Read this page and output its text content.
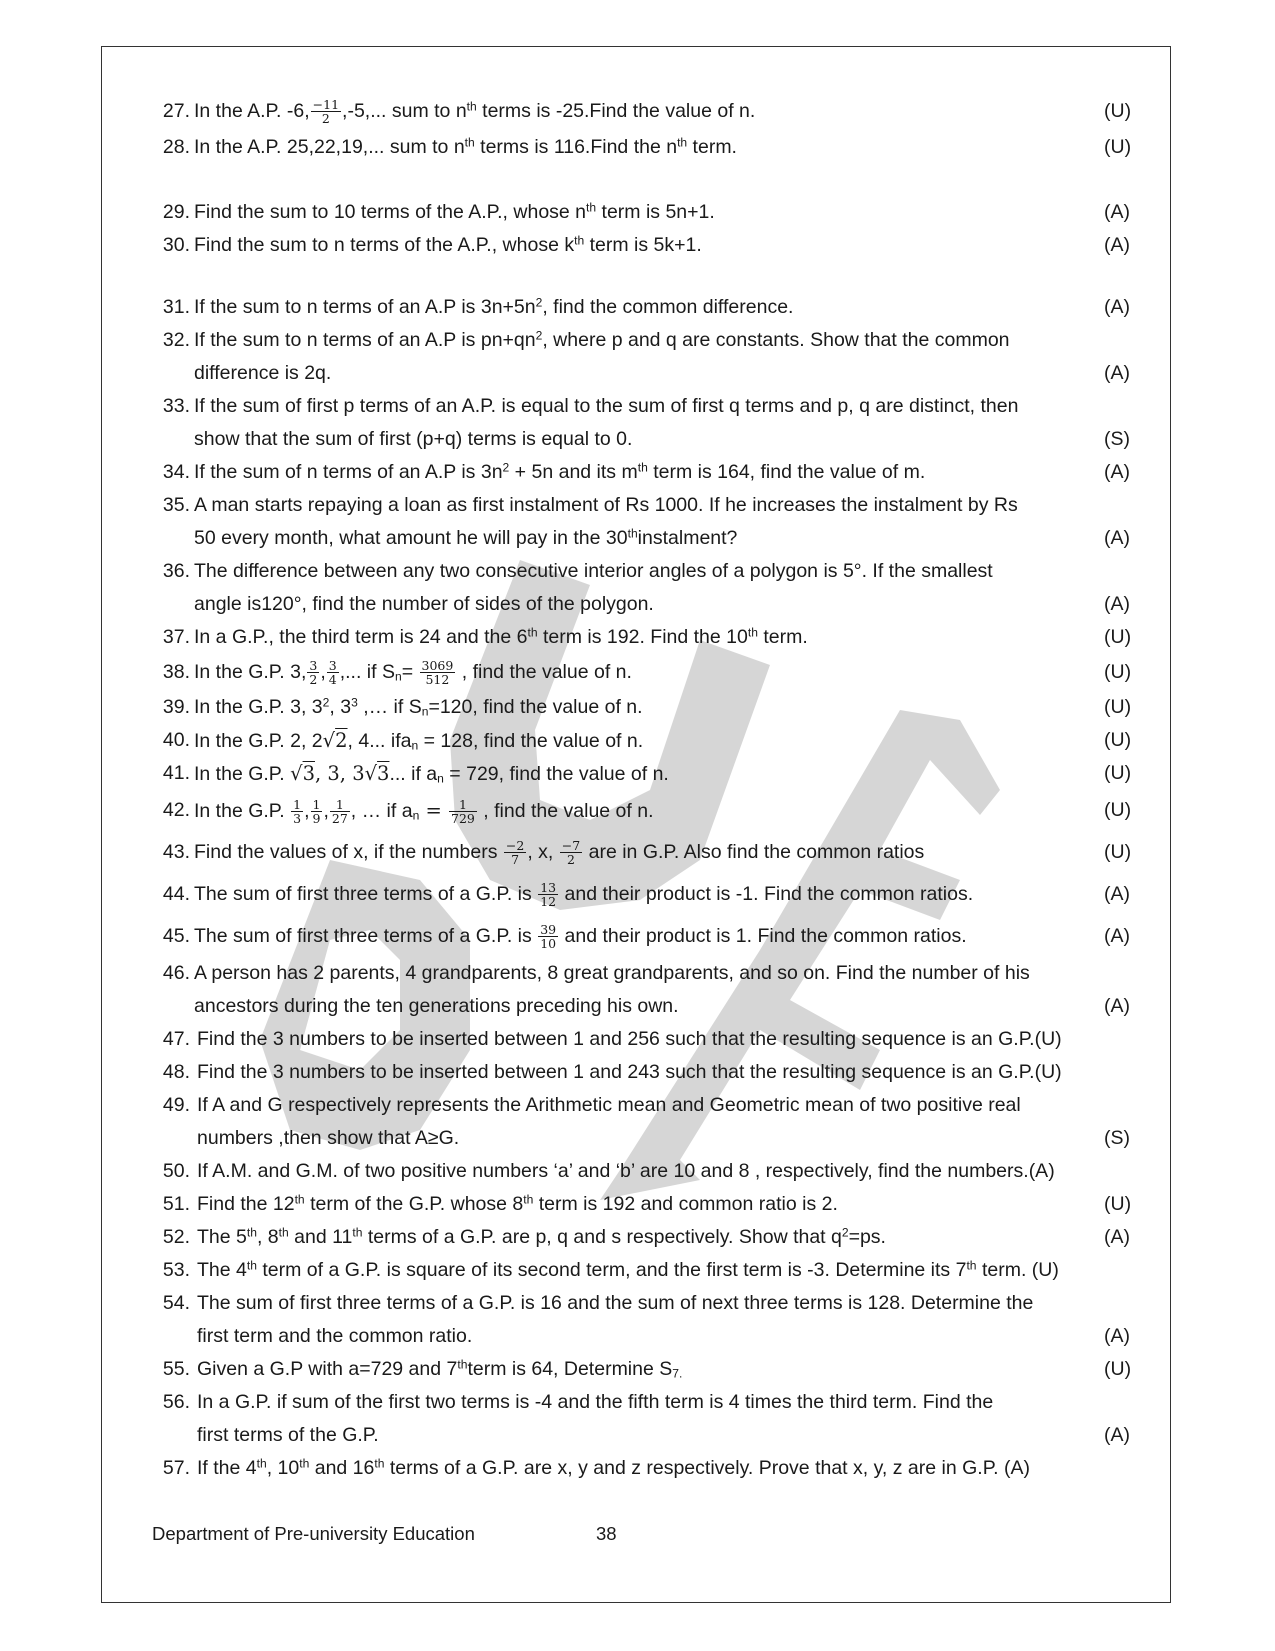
27. In the A.P. -6, $\frac{-11}{2} ,-5$,... sum to $n^{th}$ terms is -25.Find the value of n.	(U)
28. In the A.P. 25,22,19,... sum to $n^{th}$ terms is 116.Find the $n^{th}$ term.	(U)
29. Find the sum to 10 terms of the A.P., whose $n^{th}$ term is 5n+1.	(A)
30. Find the sum to n terms of the A.P., whose $k^{th}$ term is 5k+1.	(A)
31. If the sum to n terms of an A.P is $3n+5n^2$, find the common difference.	(A)
32. If the sum to n terms of an A.P is $pn+qn^2$, where p and q are constants. Show that the common
difference is 2q.	(A)
33. If the sum of first p terms of an A.P. is equal to the sum of first q terms and p, q are distinct, then
show that the sum of first (p+q) terms is equal to 0.	(S)
34. If the sum of n terms of an A.P is $3n^2 + 5n$ and its $m^{th}$ term is 164, find the value of m.	(A)
35. A man starts repaying a loan as first instalment of Rs 1000. If he increases the instalment by Rs
50 every month, what amount he will pay in the 30thinstalment?	(A)
36. The difference between any two consecutive interior angles of a polygon is 5°. If the smallest
angle is120°, find the number of sides of the polygon.	(A)
37. In a G.P., the third term is 24 and the 6th term is 192. Find the 10th term.	(U)
38. In the G.P. 3, $\frac{3}{2}$ , $\frac{3}{4}$ ,... if $S_n= \frac{3069}{512}$ , find the value of n.	(U)
39. In the G.P. 3, $3^2$, $3^3$ ,… if $S_n=120$, find the value of n.	(U)
40. In the G.P. 2, 2√2, 4... ifa$_n$ = 128, find the value of n.	(U)
41. In the G.P. √3, 3, 3√3... if $a_n = 729$, find the value of n.	(U)
42. In the G.P. $\frac{1}{3}$ , $\frac{1}{9}$ , $\frac{1}{27}$ , … if $a_n = \frac{1}{729}$ , find the value of n.	(U)
43. Find the values of x, if the numbers $\frac{-2}{7}$ , x, $\frac{-7}{2}$ are in G.P. Also find the common ratios	(U)
44. The sum of first three terms of a G.P. is $\frac{13}{12}$ and their product is -1. Find the common ratios.	(A)
45. The sum of first three terms of a G.P. is $\frac{39}{10}$ and their product is 1. Find the common ratios.	(A)
46. A person has 2 parents, 4 grandparents, 8 great grandparents, and so on. Find the number of his
ancestors during the ten generations preceding his own.	(A)
47. Find the 3 numbers to be inserted between 1 and 256 such that the resulting sequence is an G.P.(U)
48. Find the 3 numbers to be inserted between 1 and 243 such that the resulting sequence is an G.P.(U)
49. If A and G respectively represents the Arithmetic mean and Geometric mean of two positive real
numbers ,then show that A≥G.	(S)
50. If A.M. and G.M. of two positive numbers ‘a’ and ‘b’ are 10 and 8 , respectively, find the numbers.(A)
51. Find the 12th term of the G.P. whose 8th term is 192 and common ratio is 2.	(U)
52. The 5th, 8th and 11th terms of a G.P. are p, q and s respectively. Show that $q^2=ps$.	(A)
53. The 4th term of a G.P. is square of its second term, and the first term is -3. Determine its 7th term. (U)
54. The sum of first three terms of a G.P. is 16 and the sum of next three terms is 128. Determine the
first term and the common ratio.	(A)
55. Given a G.P with a=729 and 7thterm is 64, Determine $S_{7.}$	(U)
56. In a G.P. if sum of the first two terms is -4 and the fifth term is 4 times the third term. Find the
first terms of the G.P.	(A)
57. If the 4th, 10th and 16th terms of a G.P. are x, y and z respectively. Prove that x, y, z are in G.P. (A)
Department of Pre-university Education	38
